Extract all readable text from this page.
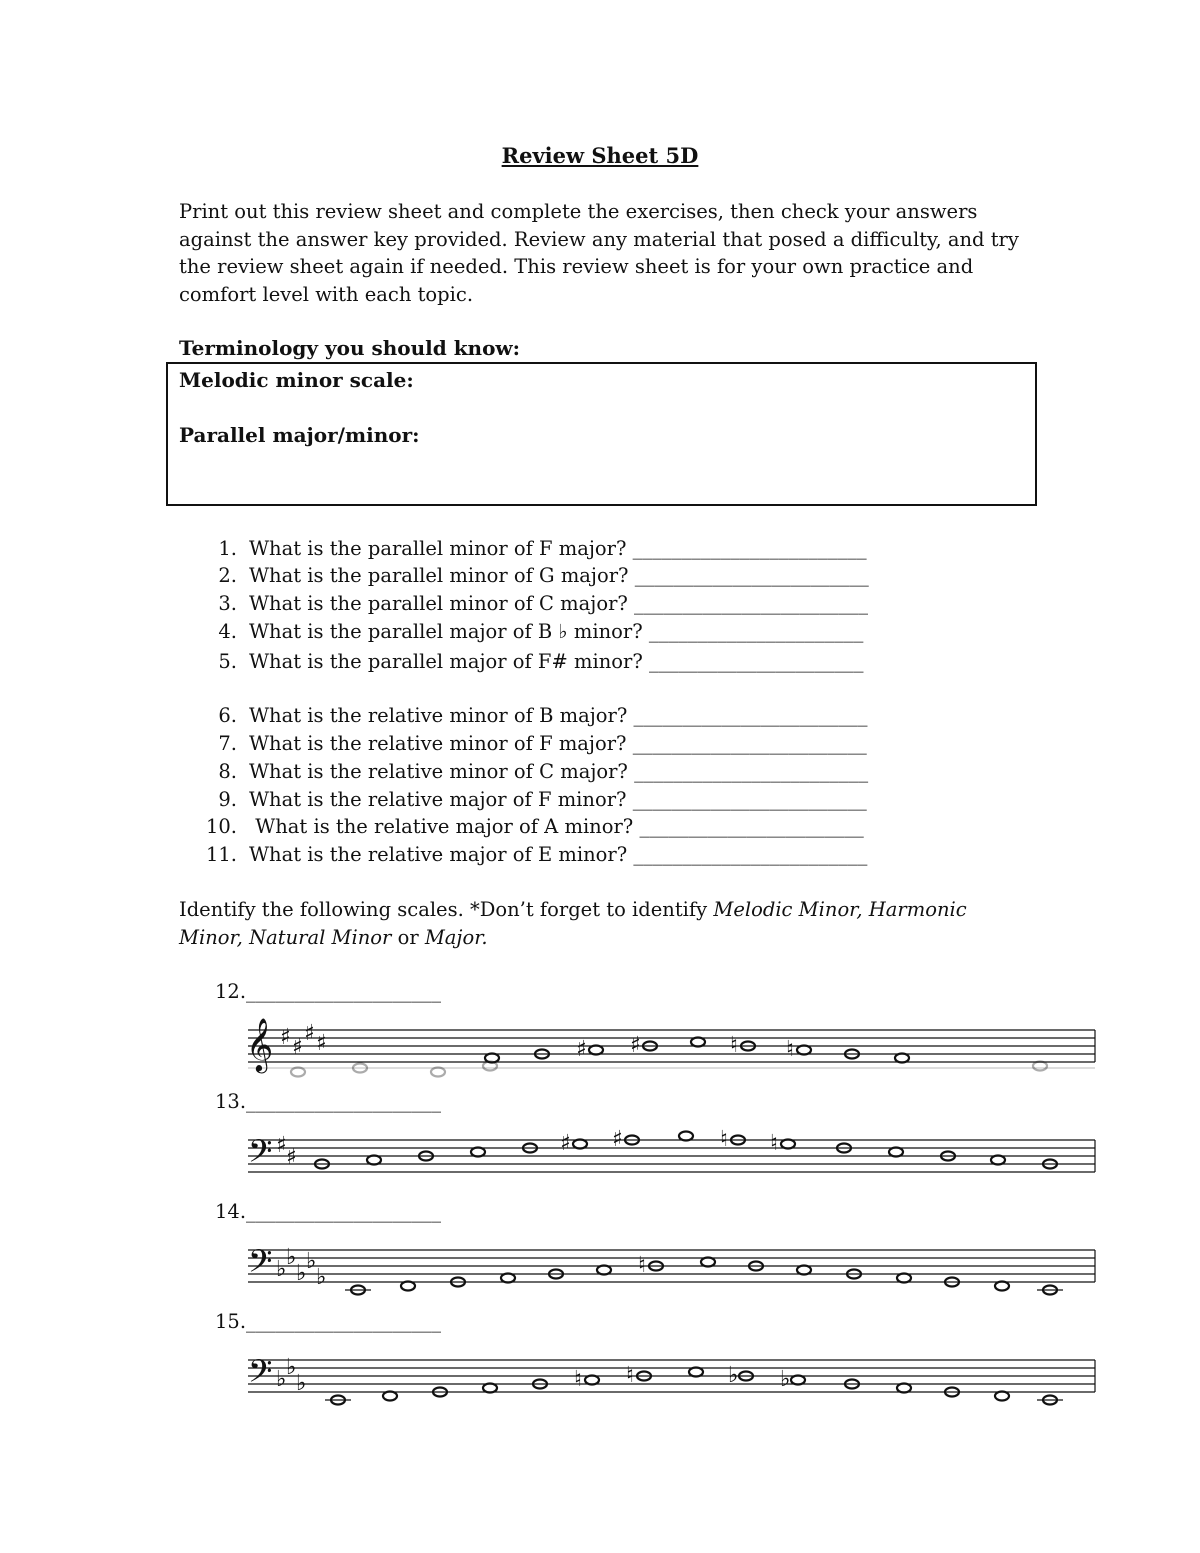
Review Sheet 5D
Print out this review sheet and complete the exercises, then check your answers against the answer key provided. Review any material that posed a difficulty, and try the review sheet again if needed. This review sheet is for your own practice and comfort level with each topic.
Terminology you should know:
Melodic minor scale:
Parallel major/minor:
1. What is the parallel minor of F major? ________________________
2. What is the parallel minor of G major? ________________________
3. What is the parallel minor of C major? ________________________
4. What is the parallel major of B ♭ minor? ______________________
5. What is the parallel major of F# minor? ______________________
6. What is the relative minor of B major? ________________________
7. What is the relative minor of F major? ________________________
8. What is the relative minor of C major? ________________________
9. What is the relative major of F minor? ________________________
10. What is the relative major of A minor? _______________________
11. What is the relative major of E minor? ________________________
Identify the following scales. *Don’t forget to identify Melodic Minor, Harmonic Minor, Natural Minor or Major.
12.____________________
13.____________________
14.____________________
15.____________________
𝄞 ♯ ♯
♯ ♯	♯ ♯	♮ ♮
𝄢 ♯ ♯
♯ ♯	♮ ♮
𝄢 ♭ ♭
♭ ♭
♭	♮
𝄢 ♭ ♭
♭	♮ ♮	♭ ♭
